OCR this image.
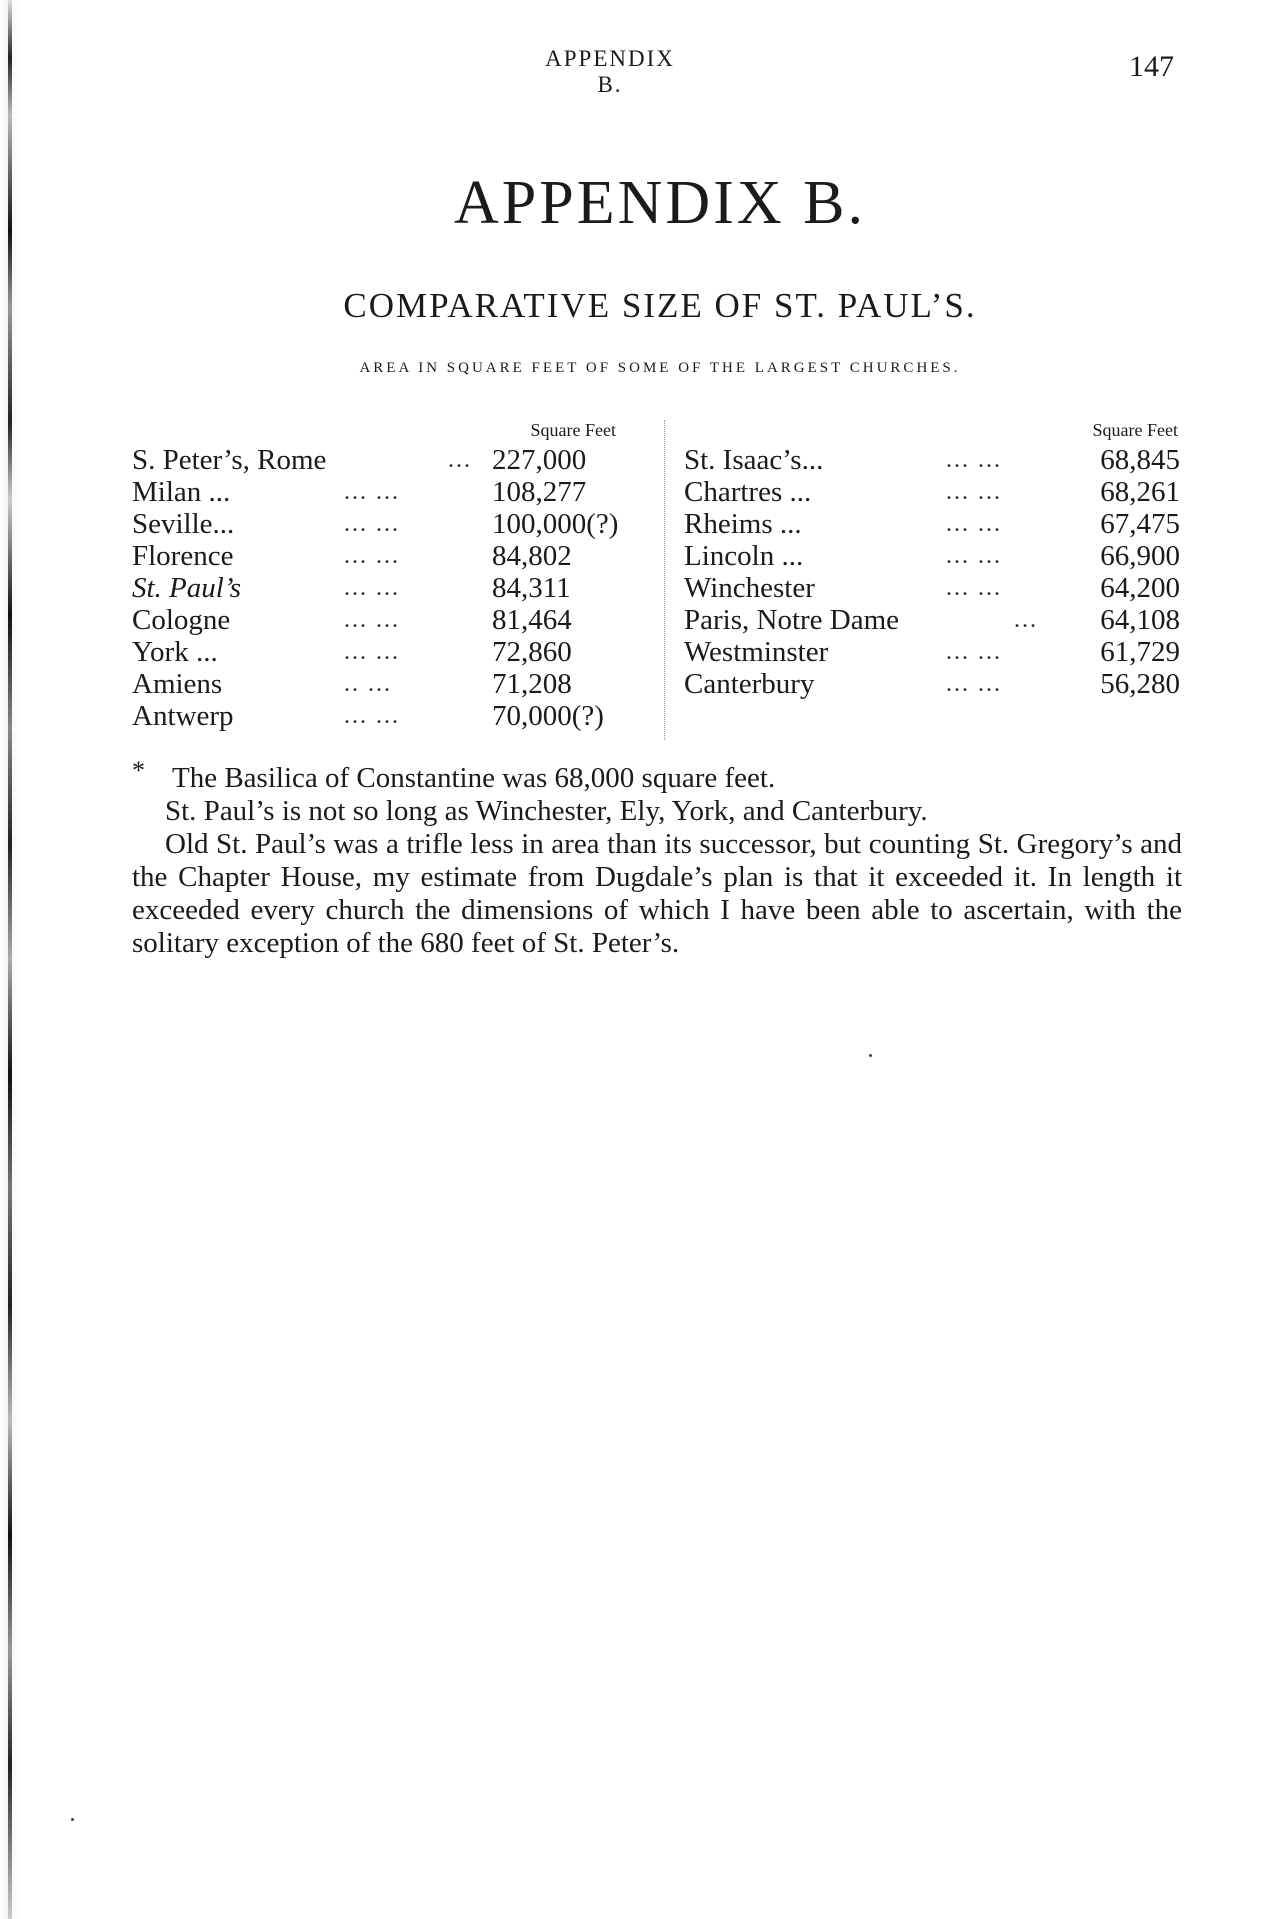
APPENDIX B.
147
APPENDIX B.
COMPARATIVE SIZE OF ST. PAUL’S.
AREA IN SQUARE FEET OF SOME OF THE LARGEST CHURCHES.
Square Feet	Square Feet
S. Peter’s, Rome	... 227,000
Milan ...	... ...	108,277
Seville...	... ...	100,000(?)
Florence	... ...	84,802
St. Paul’s	... ...	84,311
Cologne	... ...	81,464
York ...	... ...	72,860
Amiens	.. ...	71,208
Antwerp	... ...	70,000(?)
St. Isaac’s...	... ...	68,845
Chartres ...	... ...	68,261
Rheims ...	... ...	67,475
Lincoln ...	... ...	66,900
Winchester	... ...	64,200
Paris, Notre Dame	... 64,108
Westminster	... ...	61,729
Canterbury	... ...	56,280
* The Basilica of Constantine was 68,000 square feet.

St. Paul’s is not so long as Winchester, Ely, York, and Canterbury.

Old St. Paul’s was a trifle less in area than its successor, but counting St. Gregory’s and the Chapter House, my estimate from Dugdale’s plan is that it exceeded it. In length it exceeded every church the dimensions of which I have been able to ascertain, with the solitary exception of the 680 feet of St. Peter’s.
